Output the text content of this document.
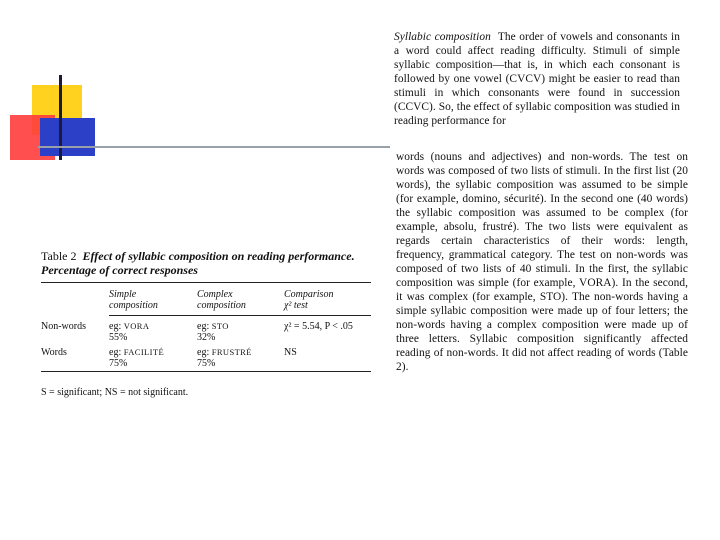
Syllabic composition The order of vowels and consonants in a word could affect reading difficulty. Stimuli of simple syllabic composition—that is, in which each consonant is followed by one vowel (CVCV) might be easier to read than stimuli in which consonants were found in succession (CCVC). So, the effect of syllabic composition was studied in reading performance for

words (nouns and adjectives) and non-words. The test on words was composed of two lists of stimuli. In the first list (20 words), the syllabic composition was assumed to be simple (for example, domino, sécurité). In the second one (40 words) the syllabic composition was assumed to be complex (for example, absolu, frustré). The two lists were equivalent as regards certain characteristics of their words: length, frequency, grammatical category. The test on non-words was composed of two lists of 40 stimuli. In the first, the syllabic composition was simple (for example, VORA). In the second, it was complex (for example, STO). The non-words having a simple syllabic composition were made up of four letters; the non-words having a complex composition were made up of three letters. Syllabic composition significantly affected reading of non-words. It did not affect reading of words (Table 2).

Table 2 Effect of syllabic composition on reading performance. Percentage of correct responses

Simple
composition
Complex
composition
Comparison
χ² test
Non-words eg: VORA
55%
eg: STO
32%
χ² = 5.54, P < .05
Words	eg: FACILITÉ
75%
eg: FRUSTRÉ
75%
NS
S = significant; NS = not significant.
